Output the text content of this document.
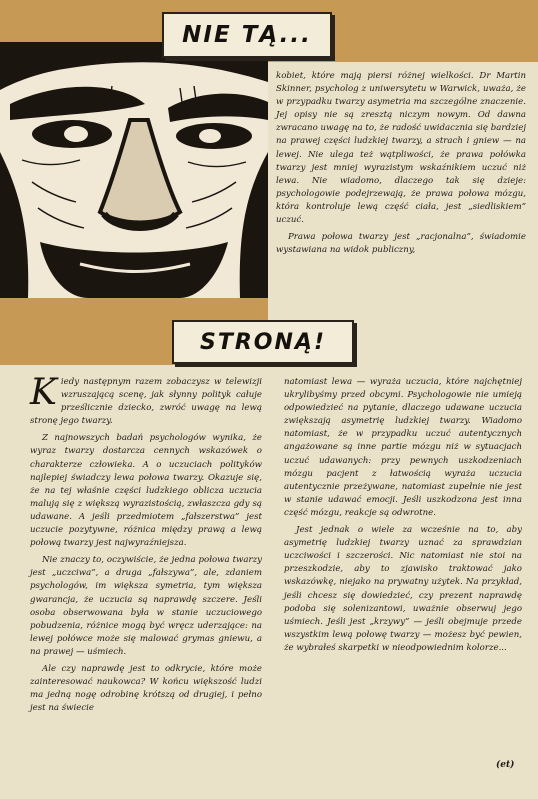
NIE TĄ...

kobiet, które mają piersi różnej wielkości. Dr Martin Skinner, psycholog z uniwersytetu w Warwick, uważa, że w przypadku twarzy asymetria ma szczególne znaczenie. Jej opisy nie są zresztą niczym nowym. Od dawna zwracano uwagę na to, że radość uwidacznia się bardziej na prawej części ludzkiej twarzy, a strach i gniew — na lewej. Nie ulega też wątpliwości, że prawa połówka twarzy jest mniej wyrazistym wskaźnikiem uczuć niż lewa. Nie wiadomo, dlaczego tak się dzieje: psychologowie podejrzewają, że prawa połowa mózgu, która kontroluje lewą część ciała, jest „siedliskiem” uczuć.

Prawa połowa twarzy jest „racjonalna”, świadomie wystawiana na widok publiczny,

STRONĄ!

Kiedy następnym razem zobaczysz w telewizji wzruszającą scenę, jak słynny polityk całuje prześlicznie dziecko, zwróć uwagę na lewą stronę jego twarzy.

Z najnowszych badań psychologów wynika, że wyraz twarzy dostarcza cennych wskazówek o charakterze człowieka. A o uczuciach polityków najlepiej świadczy lewa połowa twarzy. Okazuje się, że na tej właśnie części ludzkiego oblicza uczucia malują się z większą wyrazistością, zwłaszcza gdy są udawane. A jeśli przedmiotem „fałszerstwa” jest uczucie pozytywne, różnica między prawą a lewą połową twarzy jest najwyraźniejsza.

Nie znaczy to, oczywiście, że jedna połowa twarzy jest „uczciwa”, a druga „fałszywa”, ale, zdaniem psychologów, im większa symetria, tym większa gwarancja, że uczucia są naprawdę szczere. Jeśli osoba obserwowana była w stanie uczuciowego pobudzenia, różnice mogą być wręcz uderzające: na lewej połówce może się malować grymas gniewu, a na prawej — uśmiech.

Ale czy naprawdę jest to odkrycie, które może zainteresować naukowca? W końcu większość ludzi ma jedną nogę odrobinę krótszą od drugiej, i pełno jest na świecie

natomiast lewa — wyraża uczucia, które najchętniej ukrylibyśmy przed obcymi. Psychologowie nie umieją odpowiedzieć na pytanie, dlaczego udawane uczucia zwiększają asymetrię ludzkiej twarzy. Wiadomo natomiast, że w przypadku uczuć autentycznych angażowane są inne partie mózgu niż w sytuacjach uczuć udawanych: przy pewnych uszkodzeniach mózgu pacjent z łatwością wyraża uczucia autentycznie przeżywane, natomiast zupełnie nie jest w stanie udawać emocji. Jeśli uszkodzona jest inna część mózgu, reakcje są odwrotne.

Jest jednak o wiele za wcześnie na to, aby asymetrię ludzkiej twarzy uznać za sprawdzian uczciwości i szczerości. Nic natomiast nie stoi na przeszkodzie, aby to zjawisko traktować jako wskazówkę, niejako na prywatny użytek. Na przykład, jeśli chcesz się dowiedzieć, czy prezent naprawdę podoba się solenizantowi, uważnie obserwuj jego uśmiech. Jeśli jest „krzywy” — jeśli obejmuje przede wszystkim lewą połowę twarzy — możesz być pewien, że wybrałeś skarpetki w nieodpowiednim kolorze...

(et)
